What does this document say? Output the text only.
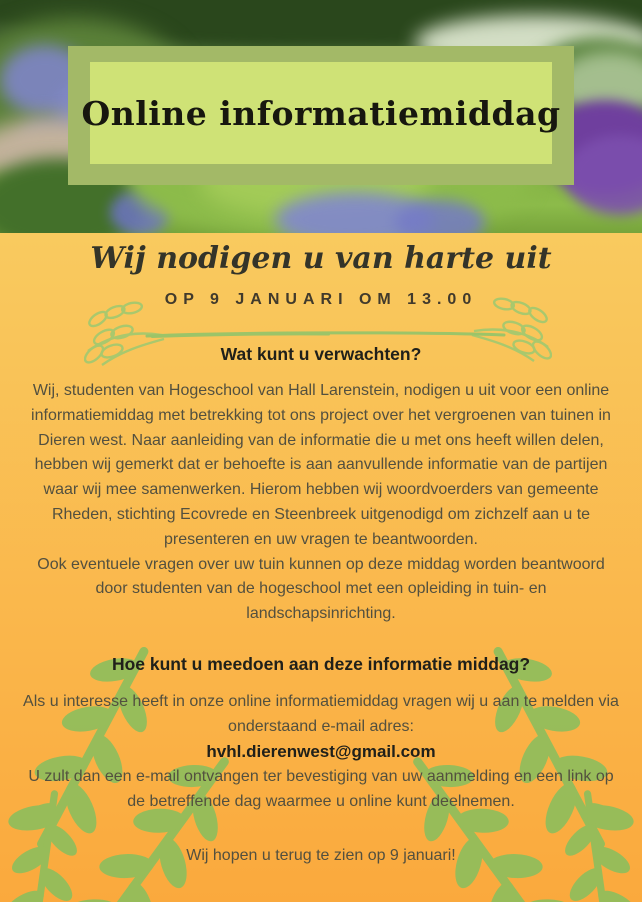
Online informatiemiddag
Wij nodigen u van harte uit
OP 9 JANUARI OM 13.00
Wat kunt u verwachten?
Wij, studenten van Hogeschool van Hall Larenstein, nodigen u uit voor een online informatiemiddag met betrekking tot ons project over het vergroenen van tuinen in Dieren west. Naar aanleiding van de informatie die u met ons heeft willen delen, hebben wij gemerkt dat er behoefte is aan aanvullende informatie van de partijen waar wij mee samenwerken. Hierom hebben wij woordvoerders van gemeente Rheden, stichting Ecovrede en Steenbreek uitgenodigd om zichzelf aan u te presenteren en uw vragen te beantwoorden.
Ook eventuele vragen over uw tuin kunnen op deze middag worden beantwoord door studenten van de hogeschool met een opleiding in tuin- en landschapsinrichting.
Hoe kunt u meedoen aan deze informatie middag?
Als u interesse heeft in onze online informatiemiddag vragen wij u aan te melden via onderstaand e-mail adres:
hvhl.dierenwest@gmail.com
U zult dan een e-mail ontvangen ter bevestiging van uw aanmelding en een link op de betreffende dag waarmee u online kunt deelnemen.
Wij hopen u terug te zien op 9 januari!
